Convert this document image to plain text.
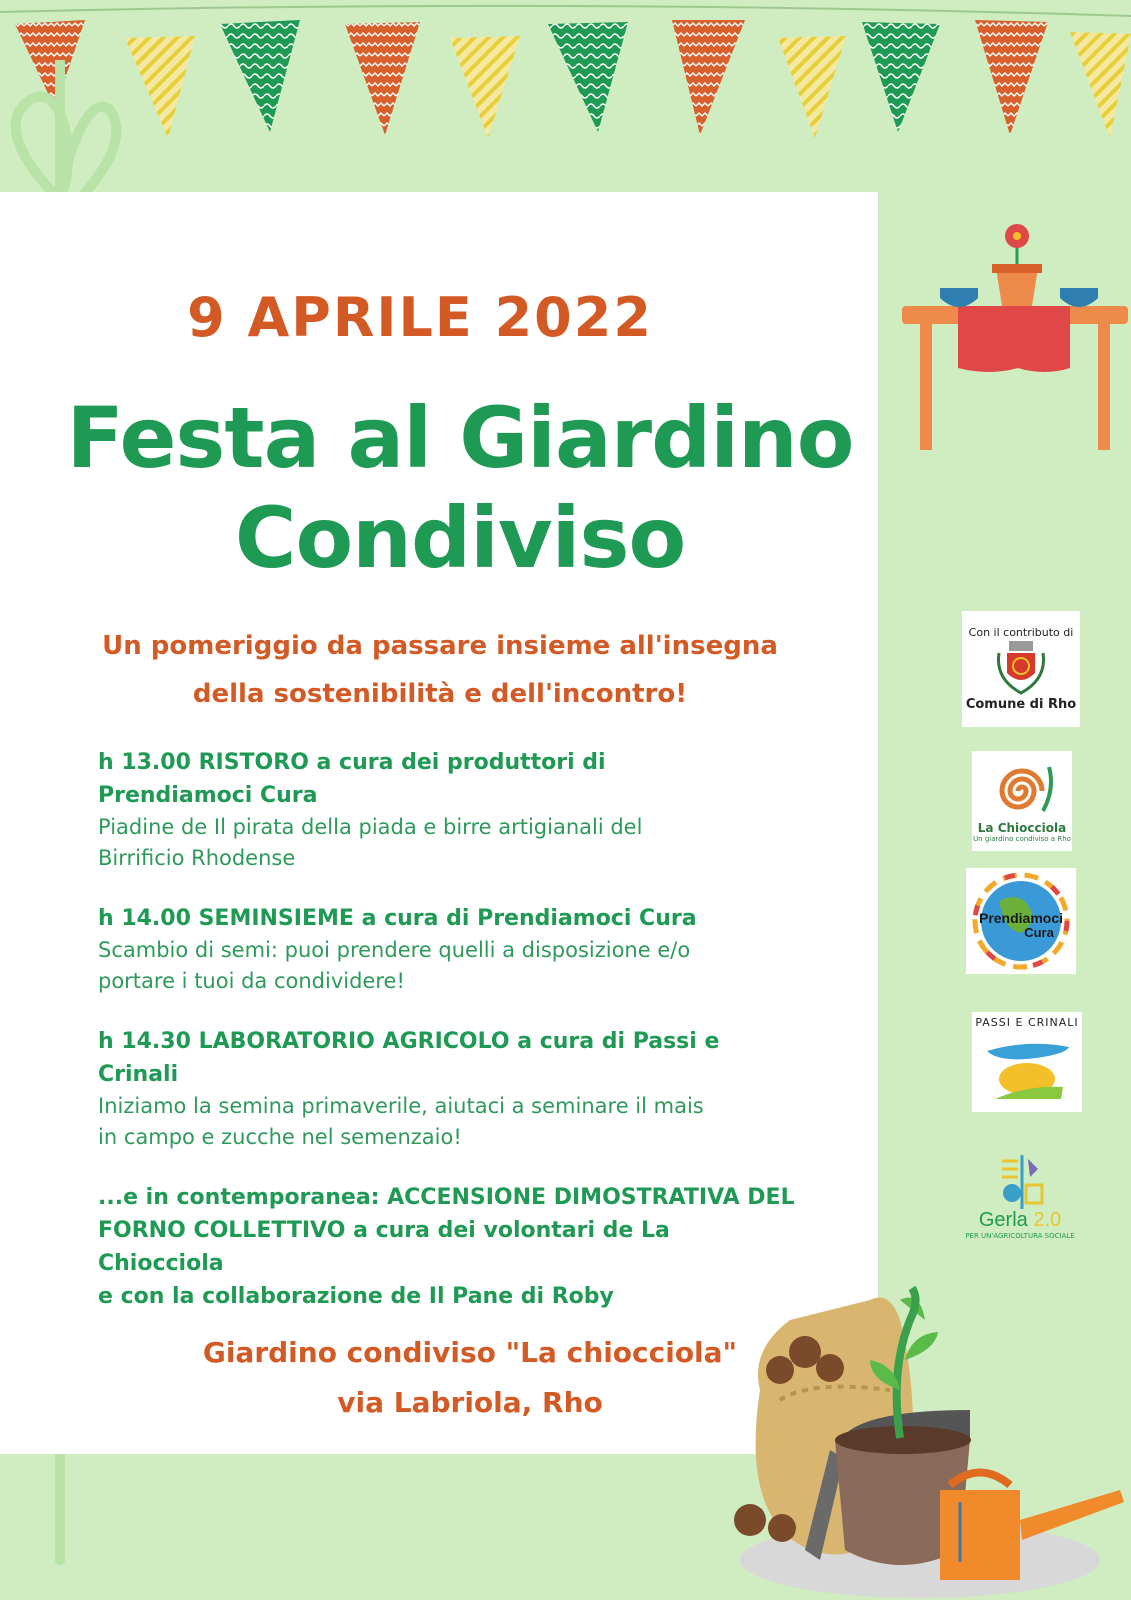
9 APRILE 2022
Festa al Giardino
Condiviso
Un pomeriggio da passare insieme all'insegna
della sostenibilità e dell'incontro!
h 13.00 RISTORO a cura dei produttori di
Prendiamoci Cura
Piadine de Il pirata della piada e birre artigianali del
Birrificio Rhodense
h 14.00 SEMINSIEME a cura di Prendiamoci Cura
Scambio di semi: puoi prendere quelli a disposizione e/o
portare i tuoi da condividere!
h 14.30 LABORATORIO AGRICOLO a cura di Passi e
Crinali
Iniziamo la semina primaverile, aiutaci a seminare il mais
in campo e zucche nel semenzaio!
...e in contemporanea: ACCENSIONE DIMOSTRATIVA DEL
FORNO COLLETTIVO a cura dei volontari de La Chiocciola
e con la collaborazione de Il Pane di Roby
Giardino condiviso "La chiocciola"
via Labriola, Rho
Con il contributo di
Comune di Rho
La Chiocciola
Un giardino condiviso a Rho
Prendiamoci
Cura
PASSI E CRINALI
Gerla 2.0
PER UN'AGRICOLTURA SOCIALE
